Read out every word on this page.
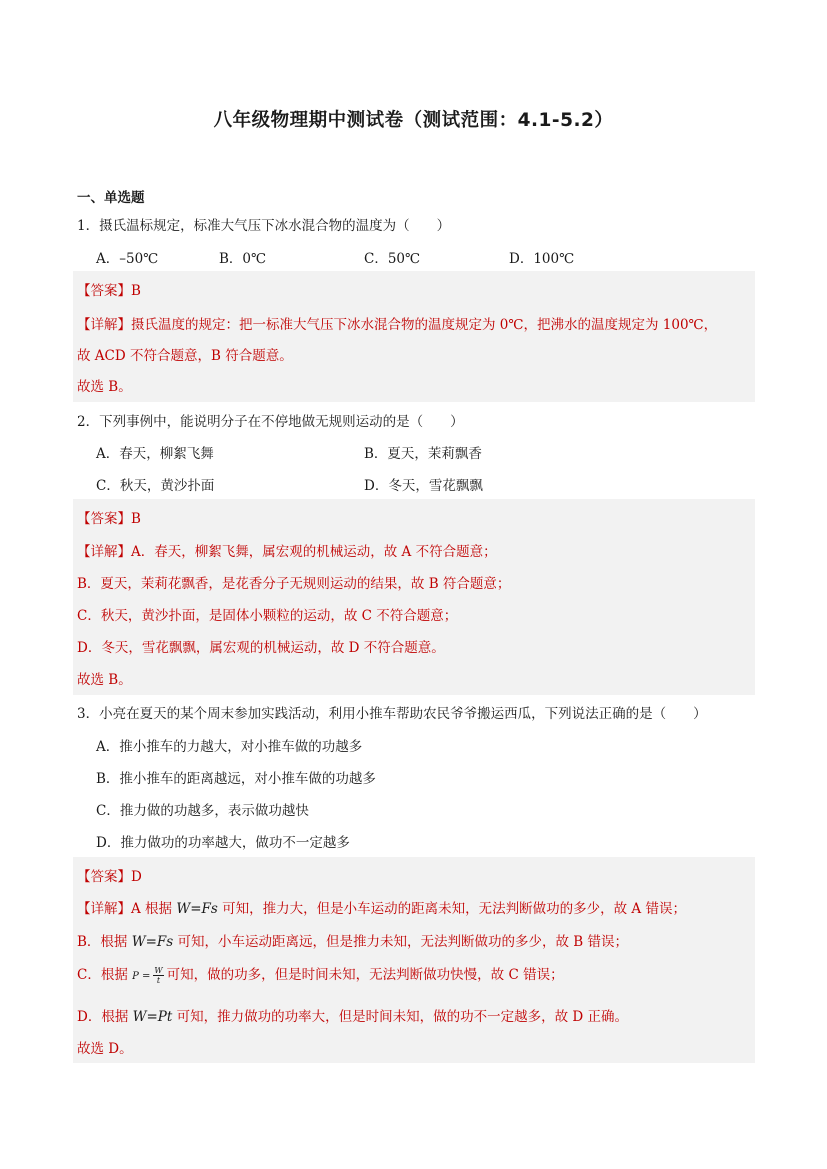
八年级物理期中测试卷（测试范围：4.1-5.2）
一、单选题
1．摄氏温标规定，标准大气压下冰水混合物的温度为（　　）
A．–50℃	B．0℃	C．50℃	D．100℃
【答案】B
【详解】摄氏温度的规定：把一标准大气压下冰水混合物的温度规定为 0℃，把沸水的温度规定为 100℃，
故 ACD 不符合题意，B 符合题意。
故选 B。
2．下列事例中，能说明分子在不停地做无规则运动的是（　　）
A．春天，柳絮飞舞	B．夏天，茉莉飘香
C．秋天，黄沙扑面	D．冬天，雪花飘飘
【答案】B
【详解】A．春天，柳絮飞舞，属宏观的机械运动，故 A 不符合题意；
B．夏天，茉莉花飘香，是花香分子无规则运动的结果，故 B 符合题意；
C．秋天，黄沙扑面，是固体小颗粒的运动，故 C 不符合题意；
D．冬天，雪花飘飘，属宏观的机械运动，故 D 不符合题意。
故选 B。
3．小亮在夏天的某个周末参加实践活动，利用小推车帮助农民爷爷搬运西瓜，下列说法正确的是（　　）
A．推小推车的力越大，对小推车做的功越多
B．推小推车的距离越远，对小推车做的功越多
C．推力做的功越多，表示做功越快
D．推力做功的功率越大，做功不一定越多
【答案】D
【详解】A 根据 W=Fs 可知，推力大，但是小车运动的距离未知，无法判断做功的多少，故 A 错误；
B．根据 W=Fs 可知，小车运动距离远，但是推力未知，无法判断做功的多少，故 B 错误；
C．根据 $P = \frac{W}{t}$ 可知，做的功多，但是时间未知，无法判断做功快慢，故 C 错误；
D．根据 W=Pt 可知，推力做功的功率大，但是时间未知，做的功不一定越多，故 D 正确。
故选 D。
